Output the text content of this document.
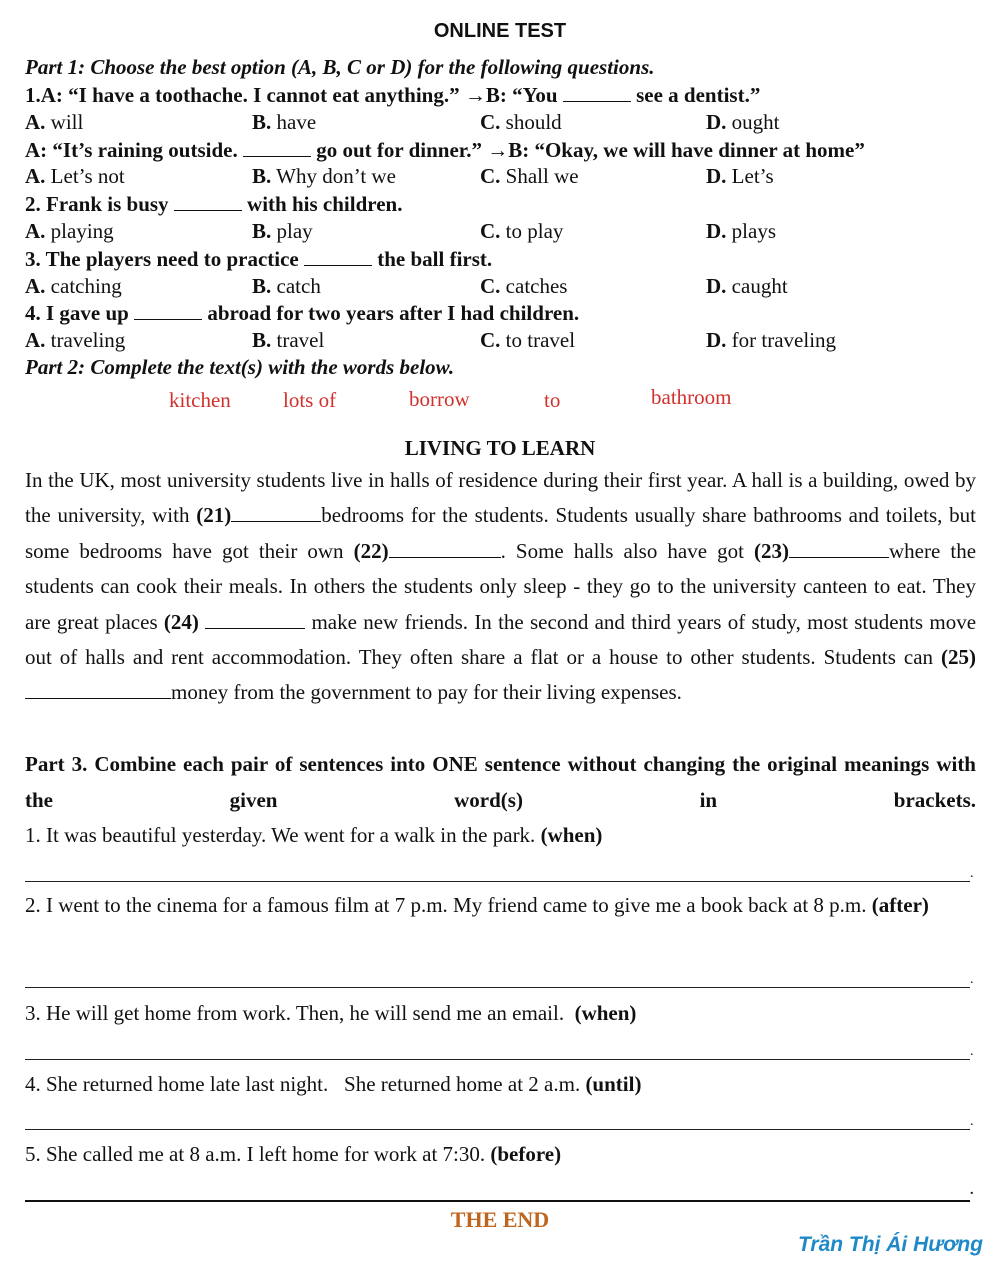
ONLINE TEST
Part 1: Choose the best option (A, B, C or D) for the following questions.
1.A: “I have a toothache. I cannot eat anything.” →B: “You	see a dentist.”
A. will	B. have	C. should	D. ought
A: “It’s raining outside.	go out for dinner.” →B: “Okay, we will have dinner at home”
A. Let’s not	B. Why don’t we	C. Shall we	D. Let’s
2. Frank is busy	with his children.
A. playing	B. play	C. to play	D. plays
3. The players need to practice	the ball first.
A. catching	B. catch	C. catches	D. caught
4. I gave up	abroad for two years after I had children.
A. traveling	B. travel	C. to travel	D. for traveling
Part 2: Complete the text(s) with the words below.
kitchen lots of	borrow	to	bathroom
LIVING TO LEARN
In the UK, most university students live in halls of residence during their first year. A hall is a building, owed by the university, with (21)	bedrooms for the students. Students usually share bathrooms and toilets, but some bedrooms have got their own (22)	. Some halls also have got (23)	where the students can cook their meals. In others the students only sleep - they go to the university canteen to eat. They are great places (24)	make new friends. In the second and third years of study, most students move out of halls and rent accommodation. They often share a flat or a house to other students. Students can (25)money from the government to pay for their living expenses.
Part 3. Combine each pair of sentences into ONE sentence without changing the original meanings with the given word(s) in brackets.
1. It was beautiful yesterday. We went for a walk in the park. (when)
.
2. I went to the cinema for a famous film at 7 p.m. My friend came to give me a book back at 8 p.m. (after)
.
3. He will get home from work. Then, he will send me an email. (when)
.
4. She returned home late last night.   She returned home at 2 a.m. (until)
.
5. She called me at 8 a.m. I left home for work at 7:30. (before)
.
THE END
Trần Thị Ái Hương
